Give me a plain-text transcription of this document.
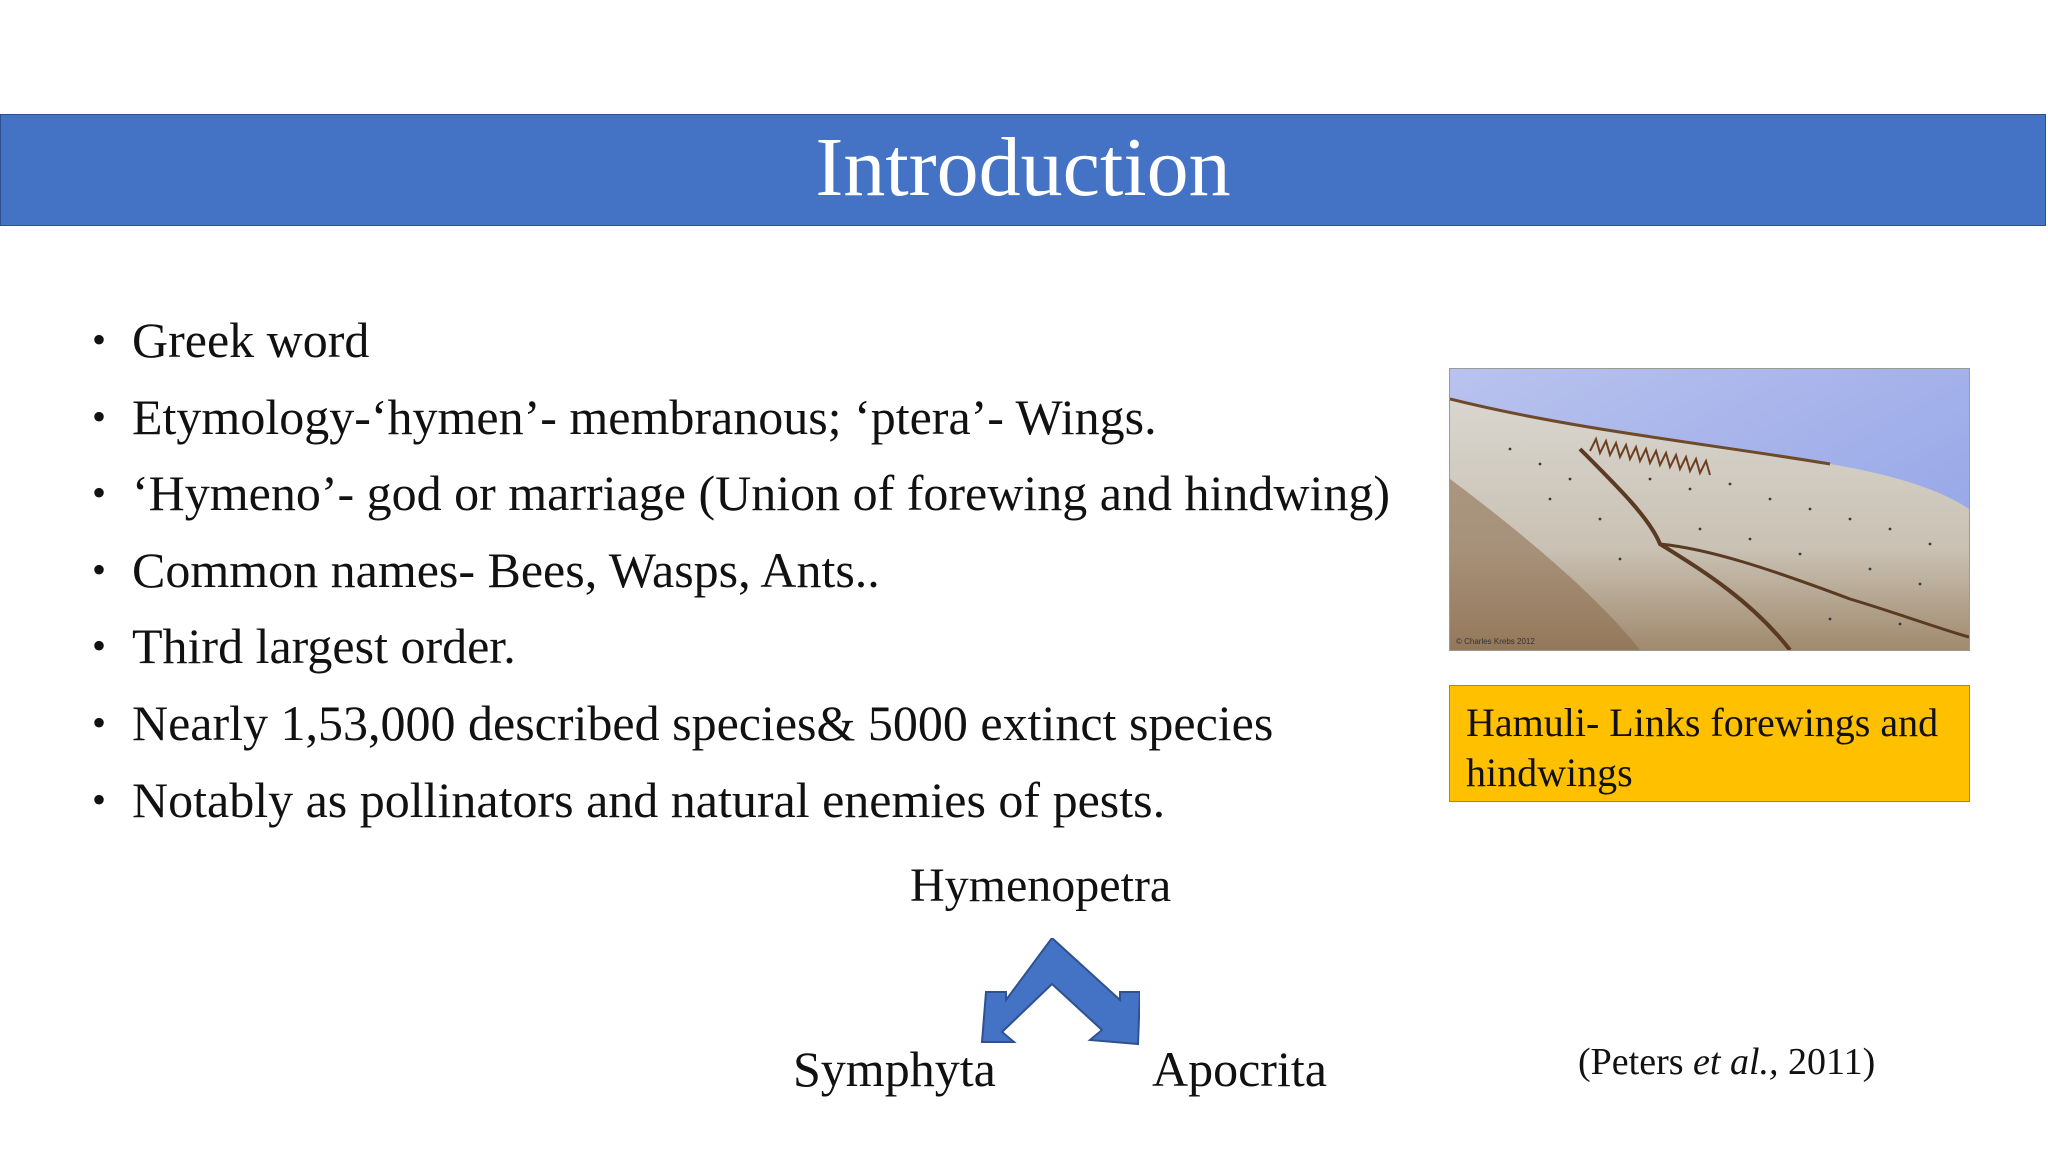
Introduction
• Greek word
• Etymology-‘hymen’- membranous; ‘ptera’- Wings.
• ‘Hymeno’- god or marriage (Union of forewing and hindwing)
• Common names- Bees, Wasps, Ants..
• Third largest order.
• Nearly 1,53,000 described species& 5000 extinct species
• Notably as pollinators and natural enemies of pests.
© Charles Krebs 2012
Hamuli- Links forewings and hindwings
Hymenopetra
Symphyta	Apocrita	(Peters et al., 2011)
